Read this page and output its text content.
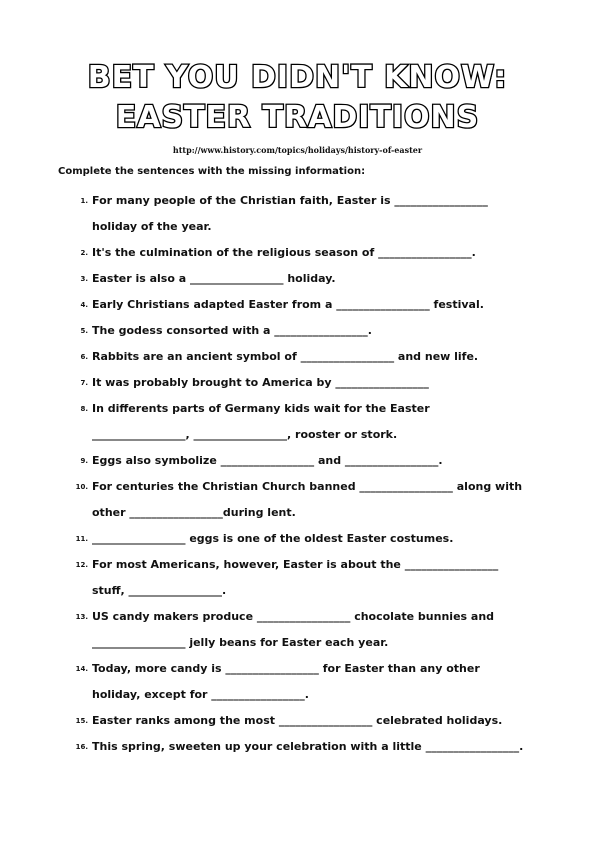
BET YOU DIDN'T KNOW:
EASTER TRADITIONS
http://www.history.com/topics/holidays/history-of-easter
Complete the sentences with the missing information:
1. For many people of the Christian faith, Easter is _________________
holiday of the year.
2. It's the culmination of the religious season of _________________.
3. Easter is also a _________________ holiday.
4. Early Christians adapted Easter from a _________________ festival.
5. The godess consorted with a _________________.
6. Rabbits are an ancient symbol of _________________ and new life.
7. It was probably brought to America by _________________
8. In differents parts of Germany kids wait for the Easter
_________________, _________________, rooster or stork.
9. Eggs also symbolize _________________ and _________________.
10. For centuries the Christian Church banned _________________ along with
other _________________during lent.
11. _________________ eggs is one of the oldest Easter costumes.
12. For most Americans, however, Easter is about the _________________
stuff, _________________.
13. US candy makers produce _________________ chocolate bunnies and
_________________ jelly beans for Easter each year.
14. Today, more candy is _________________ for Easter than any other
holiday, except for _________________.
15. Easter ranks among the most _________________ celebrated holidays.
16. This spring, sweeten up your celebration with a little _________________.
